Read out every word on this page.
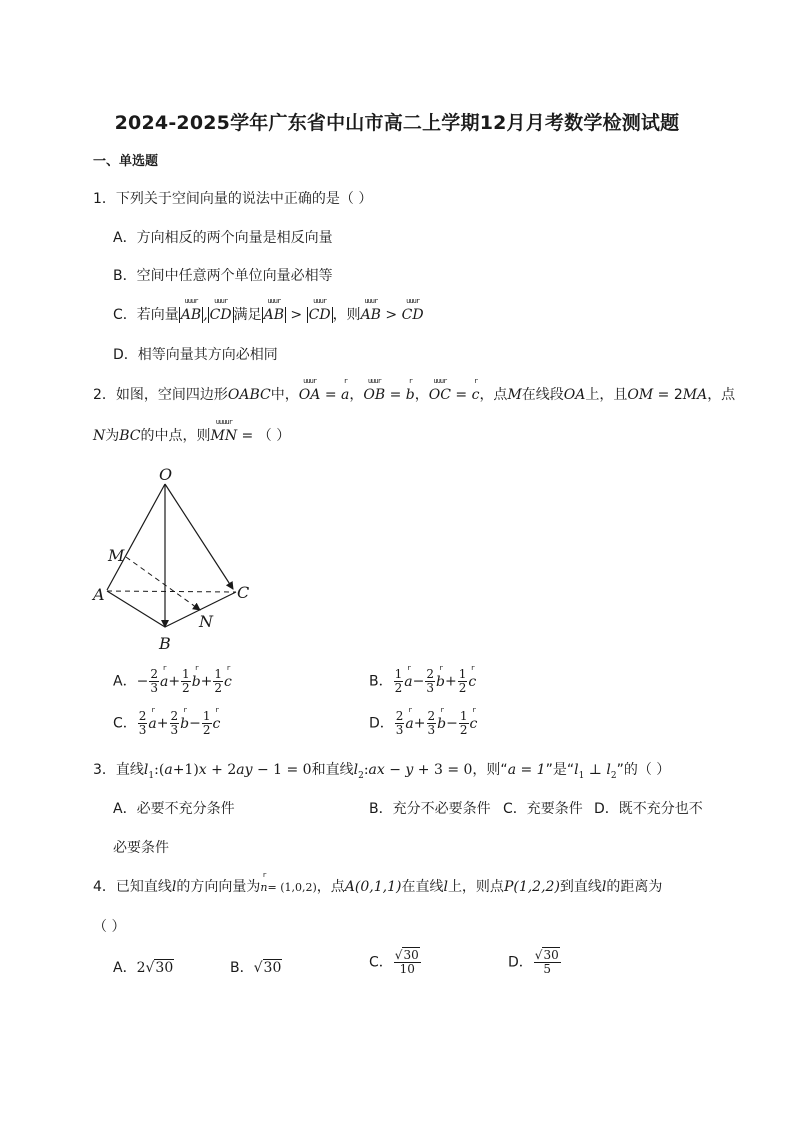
2024-2025学年广东省中山市高二上学期12月月考数学检测试题
一、单选题
1．下列关于空间向量的说法中正确的是（ ）
A．方向相反的两个向量是相反向量
B．空间中任意两个单位向量必相等
C．若向量 AB
uuur
, CD
uuur
满足 AB
uuur
> CD
uuur
，则AB
uuur
> CD
uuur
D．相等向量其方向必相同
2．如图，空间四边形OABC中，OA
uuur
= a
r
，OB
uuur
= b
r
，OC
uuur
= c
r
，点M在线段OA上，且OM = 2MA，点
N为BC的中点，则MN
uuuur
= （ ）
O
M
A	C
N
B
A．− $\frac{2}{3}$ a
r
+ $\frac{1}{2}$ b
r
+ $\frac{1}{2}$ c
r
B． $\frac{1}{2}$ a
r
− $\frac{2}{3}$ b
r
+ $\frac{1}{2}$ c
r
C． $\frac{2}{3}$ a
r
+ $\frac{2}{3}$ b
r
− $\frac{1}{2}$ c
r
D． $\frac{2}{3}$ a
r
+ $\frac{2}{3}$ b
r
− $\frac{1}{2}$ c
r
3．直线$l_1:(a+1)x + 2ay - 1 = 0$和直线$l_2:ax - y + 3 = 0$，则“a = 1”是“$l_1$ ⊥ $l_2$”的（ ）
A．必要不充分条件	B．充分不必要条件 C．充要条件 D．既不充分也不
必要条件
4．已知直线l的方向向量为n
r
= (1,0,2)，点A(0,1,1)在直线l上，则点P(1,2,2)到直线l的距离为
（ ）
A．2√30	B．√30	C． $\frac{√30}{10}$	D． $\frac{√30}{5}$
